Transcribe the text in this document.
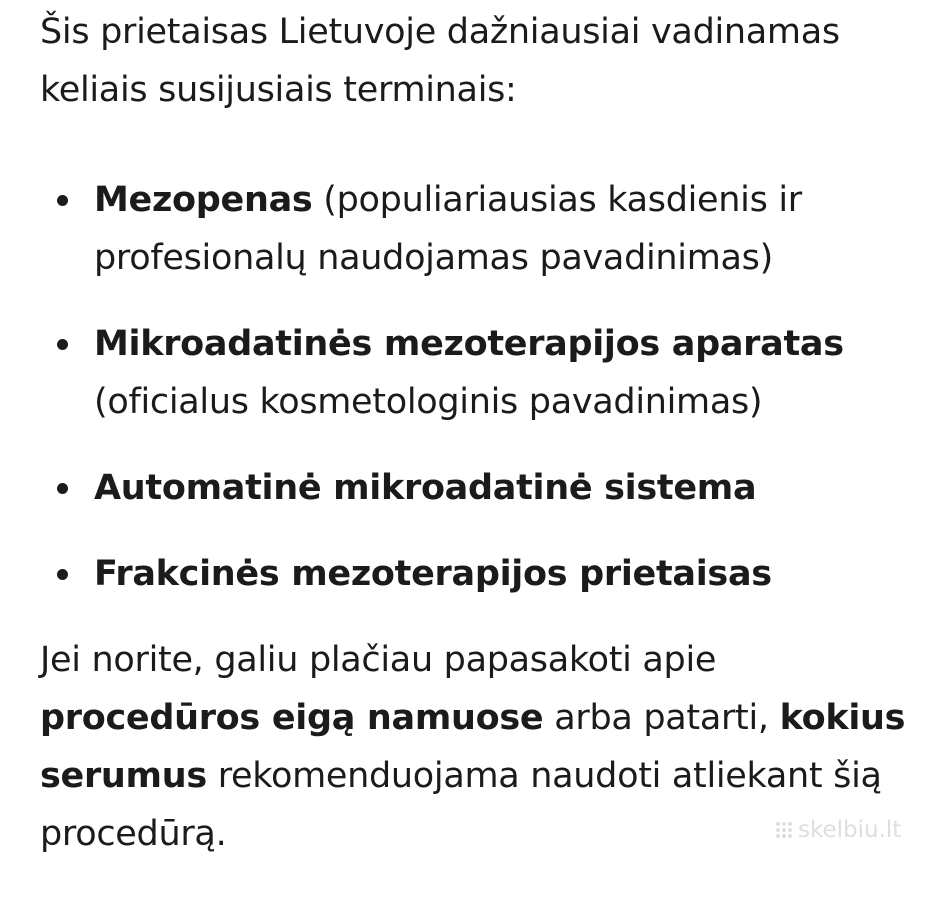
Šis prietaisas Lietuvoje dažniausiai vadinamas
keliais susijusiais terminais:

Mezopenas (populiariausias kasdienis ir
profesionalų naudojamas pavadinimas)
Mikroadatinės mezoterapijos aparatas
(oficialus kosmetologinis pavadinimas)
Automatinė mikroadatinė sistema
Frakcinės mezoterapijos prietaisas

Jei norite, galiu plačiau papasakoti apie
procedūros eigą namuose arba patarti, kokius
serumus rekomenduojama naudoti atliekant šią
procedūrą.	skelbiu.lt
